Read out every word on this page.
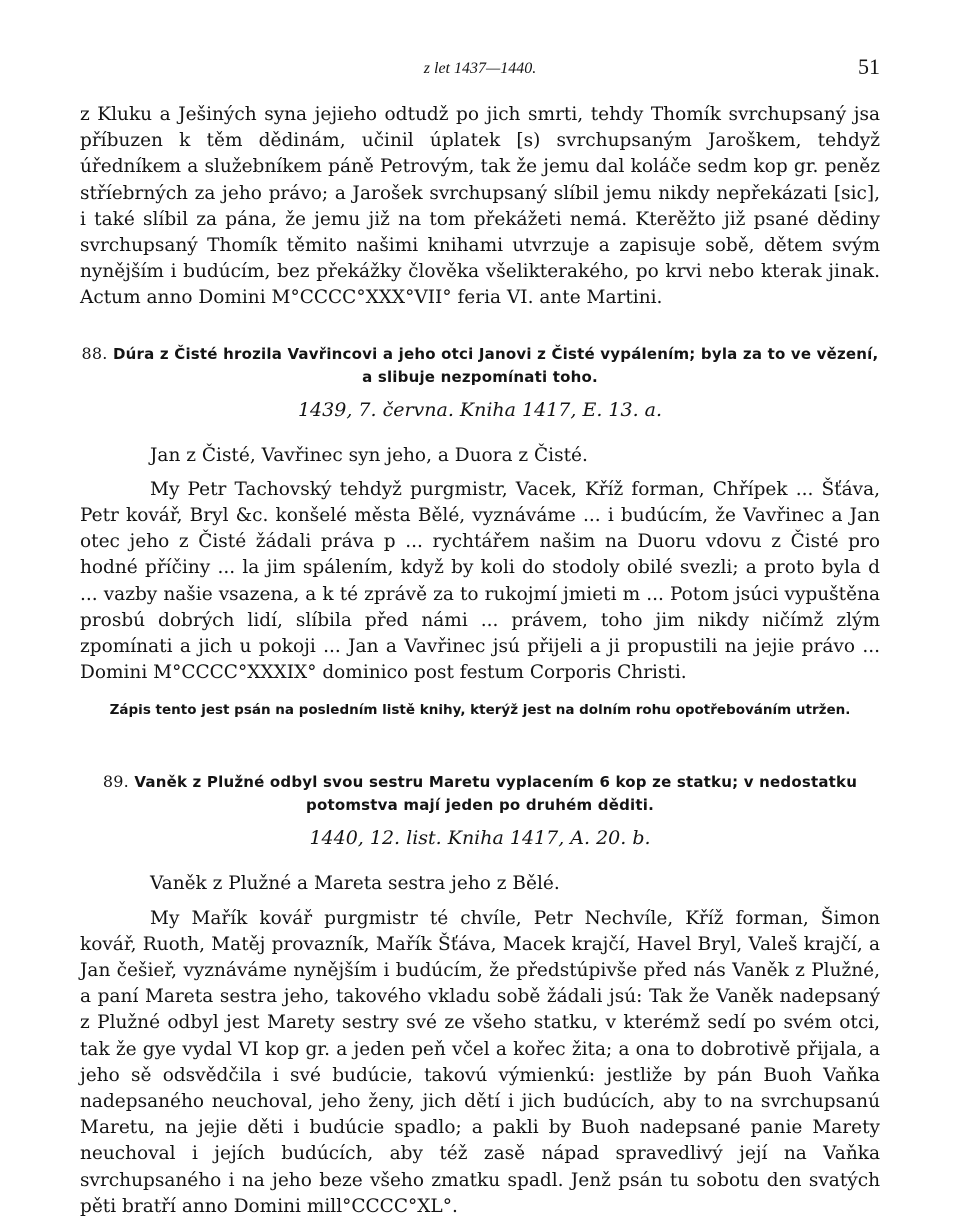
z let 1437—1440.	51

z Kluku a Ješiných syna jejieho odtudž po jich smrti, tehdy Thomík svrchupsaný jsa příbuzen k těm dědinám, učinil úplatek [s) svrchupsaným Jaroškem, tehdyž úředníkem a služebníkem páně Petrovým, tak že jemu dal koláče sedm kop gr. peněz stříebrných za jeho právo; a Jarošek svrchupsaný slíbil jemu nikdy nepřekázati [sic], i také slíbil za pána, že jemu již na tom překážeti nemá. Kterěžto již psané dědiny svrchupsaný Thomík těmito našimi knihami utvrzuje a zapisuje sobě, dětem svým nynějším i budúcím, bez překážky člověka všelikterakého, po krvi nebo kterak jinak. Actum anno Domini M°CCCC°XXX°VII° feria VI. ante Martini.

88. Dúra z Čisté hrozila Vavřincovi a jeho otci Janovi z Čisté vypálením; byla za to ve vězení, a slibuje nezpomínati toho.
1439, 7. června. Kniha 1417, E. 13. a.

Jan z Čisté, Vavřinec syn jeho, a Duora z Čisté.

My Petr Tachovský tehdyž purgmistr, Vacek, Kříž forman, Chřípek ... Šťáva, Petr kovář, Bryl &c. konšelé města Bělé, vyznáváme ... i budúcím, že Vavřinec a Jan otec jeho z Čisté žádali práva p ... rychtářem našim na Duoru vdovu z Čisté pro hodné příčiny ... la jim spálením, když by koli do stodoly obilé svezli; a proto byla d ... vazby našie vsazena, a k té zprávě za to rukojmí jmieti m ... Potom jsúci vypuštěna prosbú dobrých lidí, slíbila před námi ... právem, toho jim nikdy ničímž zlým zpomínati a jich u pokoji ... Jan a Vavřinec jsú přijeli a ji propustili na jejie právo ... Domini M°CCCC°XXXIX° dominico post festum Corporis Christi.

Zápis tento jest psán na posledním listě knihy, kterýž jest na dolním rohu opotřebováním utržen.
89. Vaněk z Plužné odbyl svou sestru Maretu vyplacením 6 kop ze statku; v nedostatku potomstva mají jeden po druhém děditi.
1440, 12. list. Kniha 1417, A. 20. b.

Vaněk z Plužné a Mareta sestra jeho z Bělé.

My Mařík kovář purgmistr té chvíle, Petr Nechvíle, Kříž forman, Šimon kovář, Ruoth, Matěj provazník, Mařík Šťáva, Macek krajčí, Havel Bryl, Valeš krajčí, a Jan češieř, vyznáváme nynějším i budúcím, že předstúpivše před nás Vaněk z Plužné, a paní Mareta sestra jeho, takového vkladu sobě žádali jsú: Tak že Vaněk nadepsaný z Plužné odbyl jest Marety sestry své ze všeho statku, v kterémž sedí po svém otci, tak že gye vydal VI kop gr. a jeden peň včel a kořec žita; a ona to dobrotivě přijala, a jeho sě odsvědčila i své budúcie, takovú výmienkú: jestliže by pán Buoh Vaňka nadepsaného neuchoval, jeho ženy, jich dětí i jich budúcích, aby to na svrchupsanú Maretu, na jejie děti i budúcie spadlo; a pakli by Buoh nadepsané panie Marety neuchoval i jejích budúcích, aby též zasě nápad spravedlivý její na Vaňka svrchupsaného i na jeho beze všeho zmatku spadl. Jenž psán tu sobotu den svatých pěti bratří anno Domini mill°CCCC°XL°.
